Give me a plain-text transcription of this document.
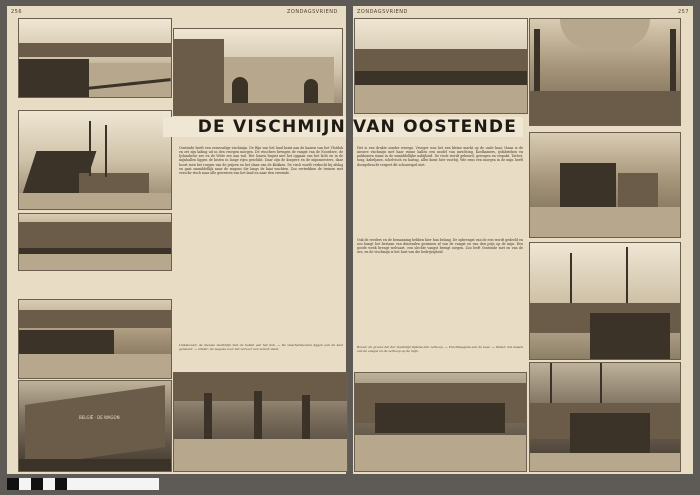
256	ZONDAGSVRIEND
BELGIË · DE WAGON
Oostende heeft een eenvoudige vischmijn. De Rijn van het land komt aan de kaaien van het Vlotdok en zet zijn lading uit in den vroegen morgen. De visschers brengen de vangst van de Noordzee, de Ijslandsche zee en de Witte zee aan wal. Het lossen begint met het opgaan van het licht en in de mijnhallen liggen de kisten in lange rijen geschikt. Daar zijn de koopers en de mijnmeesters, daar hoort men het roepen van de prijzen en het slaan van de klokken. De visch wordt verkocht bij afslag en gaat onmiddellijk naar de wagons die langs de kaai wachten. Zoo vertrekken de treinen met versche visch naar alle gewesten van het land en naar den vreemde.
Linksboven: de nieuwe vischmijn met de hallen aan het dok. — De visschersbooten liggen aan de kaai gemeerd. — Onder: de wagons voor het vervoer van versch visch.
ZONDAGSVRIEND	257
Het is een drukte zonder weerga. Vroeger was het een kleine markt op de oude kaai; thans is de nieuwe vischmijn met haar ruime hallen een model van inrichting. Koelkamers, ijsfabrieken en pakhuizen staan in de onmiddellijke nabijheid. De visch wordt gekeurd, gewogen en verpakt. Tarbot, tong, kabeljauw, schelvisch en haring, alles komt hier voorbij. Wie eens een morgen in de mijn heeft doorgebracht vergeet dit schouwspel niet.
Ook de reeders en de bemanning hebben hier hun belang. De opbrengst van de reis wordt gedeeld en zoo hangt het bestaan van duizenden gezinnen af van de vangst en van den prijs op de mijn. Een goede week brengt welvaart, een slechte vangst brengt zorgen. Zoo leeft Oostende met en van de zee, en de vischmijn is het hart van die bedrijvigheid.
Boven: de groote hal der vischmijn tijdens den verkoop. — Vrachtwagens aan de kaai. — Onder: het lossen van de vangst en de verkoop op de mijn.
DE VISCHMIJN VAN OOSTENDE
